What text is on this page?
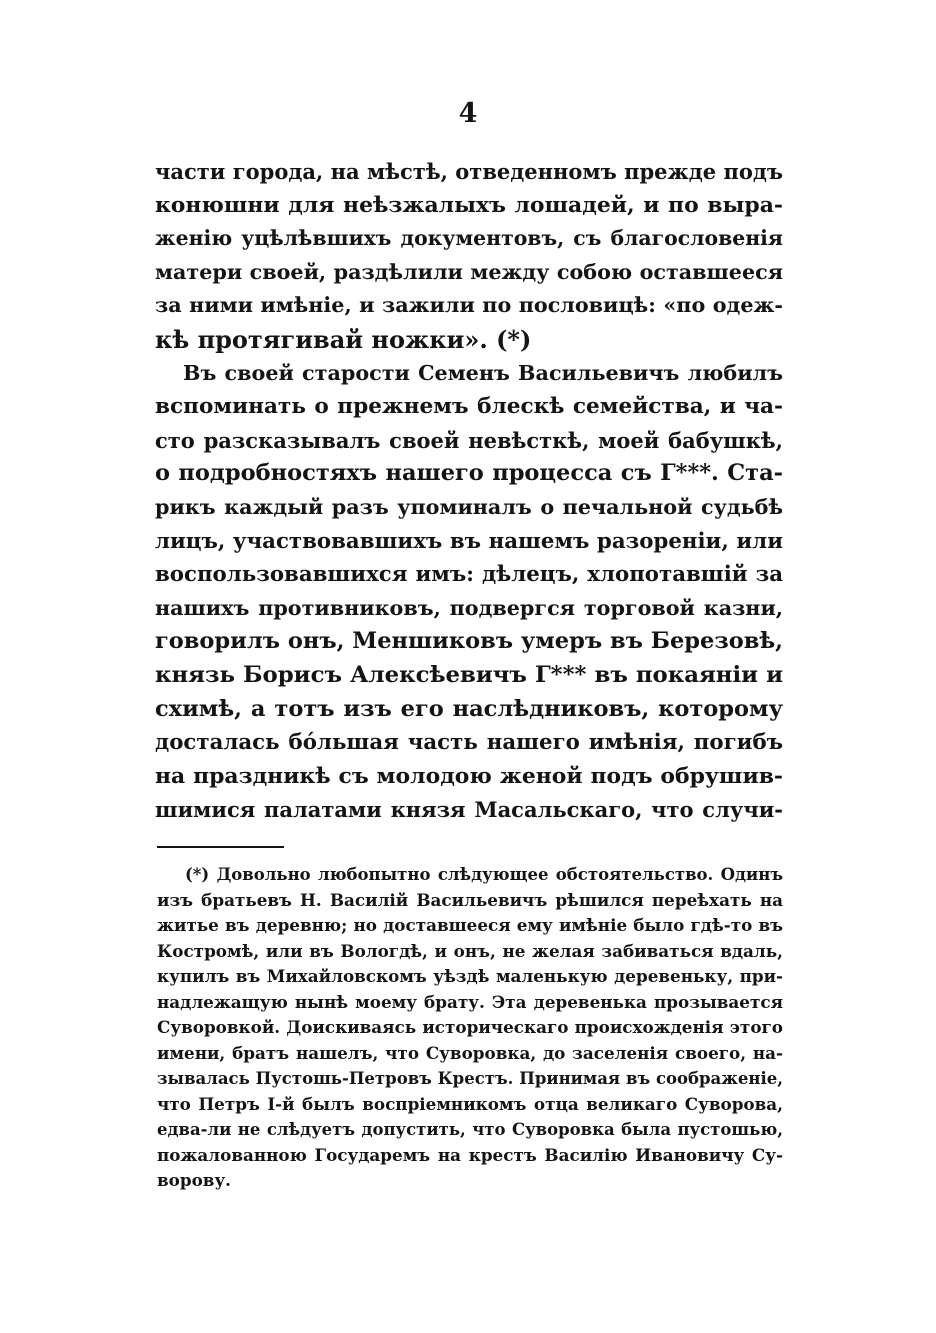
4
части города, на мѣстѣ, отведенномъ прежде подъ
конюшни для неѣзжалыхъ лошадей, и по выра-
женію уцѣлѣвшихъ документовъ, съ благословенія
матери своей, раздѣлили между собою оставшееся
за ними имѣніе, и зажили по пословицѣ: «по одеж-
кѣ протягивай ножки». (*)
Въ своей старости Семенъ Васильевичъ любилъ
вспоминать о прежнемъ блескѣ семейства, и ча-
сто разсказывалъ своей невѣсткѣ, моей бабушкѣ,
о подробностяхъ нашего процесса съ Г***. Ста-
рикъ каждый разъ упоминалъ о печальной судьбѣ
лицъ, участвовавшихъ въ нашемъ разореніи, или
воспользовавшихся имъ: дѣлецъ, хлопотавшій за
нашихъ противниковъ, подвергся торговой казни,
говорилъ онъ, Меншиковъ умеръ въ Березовѣ,
князь Борисъ Алексѣевичъ Г*** въ покаяніи и
схимѣ, а тотъ изъ его наслѣдниковъ, которому
досталась бóльшая часть нашего имѣнія, погибъ
на праздникѣ съ молодою женой подъ обрушив-
шимися палатами князя Масальскаго, что случи-
(*) Довольно любопытно слѣдующее обстоятельство. Одинъ
изъ братьевъ Н. Василій Васильевичъ рѣшился переѣхать на
житье въ деревню; но доставшееся ему имѣніе было гдѣ-то въ
Костромѣ, или въ Вологдѣ, и онъ, не желая забиваться вдаль,
купилъ въ Михайловскомъ уѣздѣ маленькую деревеньку, при-
надлежащую нынѣ моему брату. Эта деревенька прозывается
Суворовкой. Доискиваясь историческаго происхожденія этого
имени, братъ нашелъ, что Суворовка, до заселенія своего, на-
зывалась Пустошь-Петровъ Крестъ. Принимая въ соображеніе,
что Петръ I-й былъ воспріемникомъ отца великаго Суворова,
едва-ли не слѣдуетъ допустить, что Суворовка была пустошью,
пожалованною Государемъ на крестъ Василію Ивановичу Су-
ворову.
